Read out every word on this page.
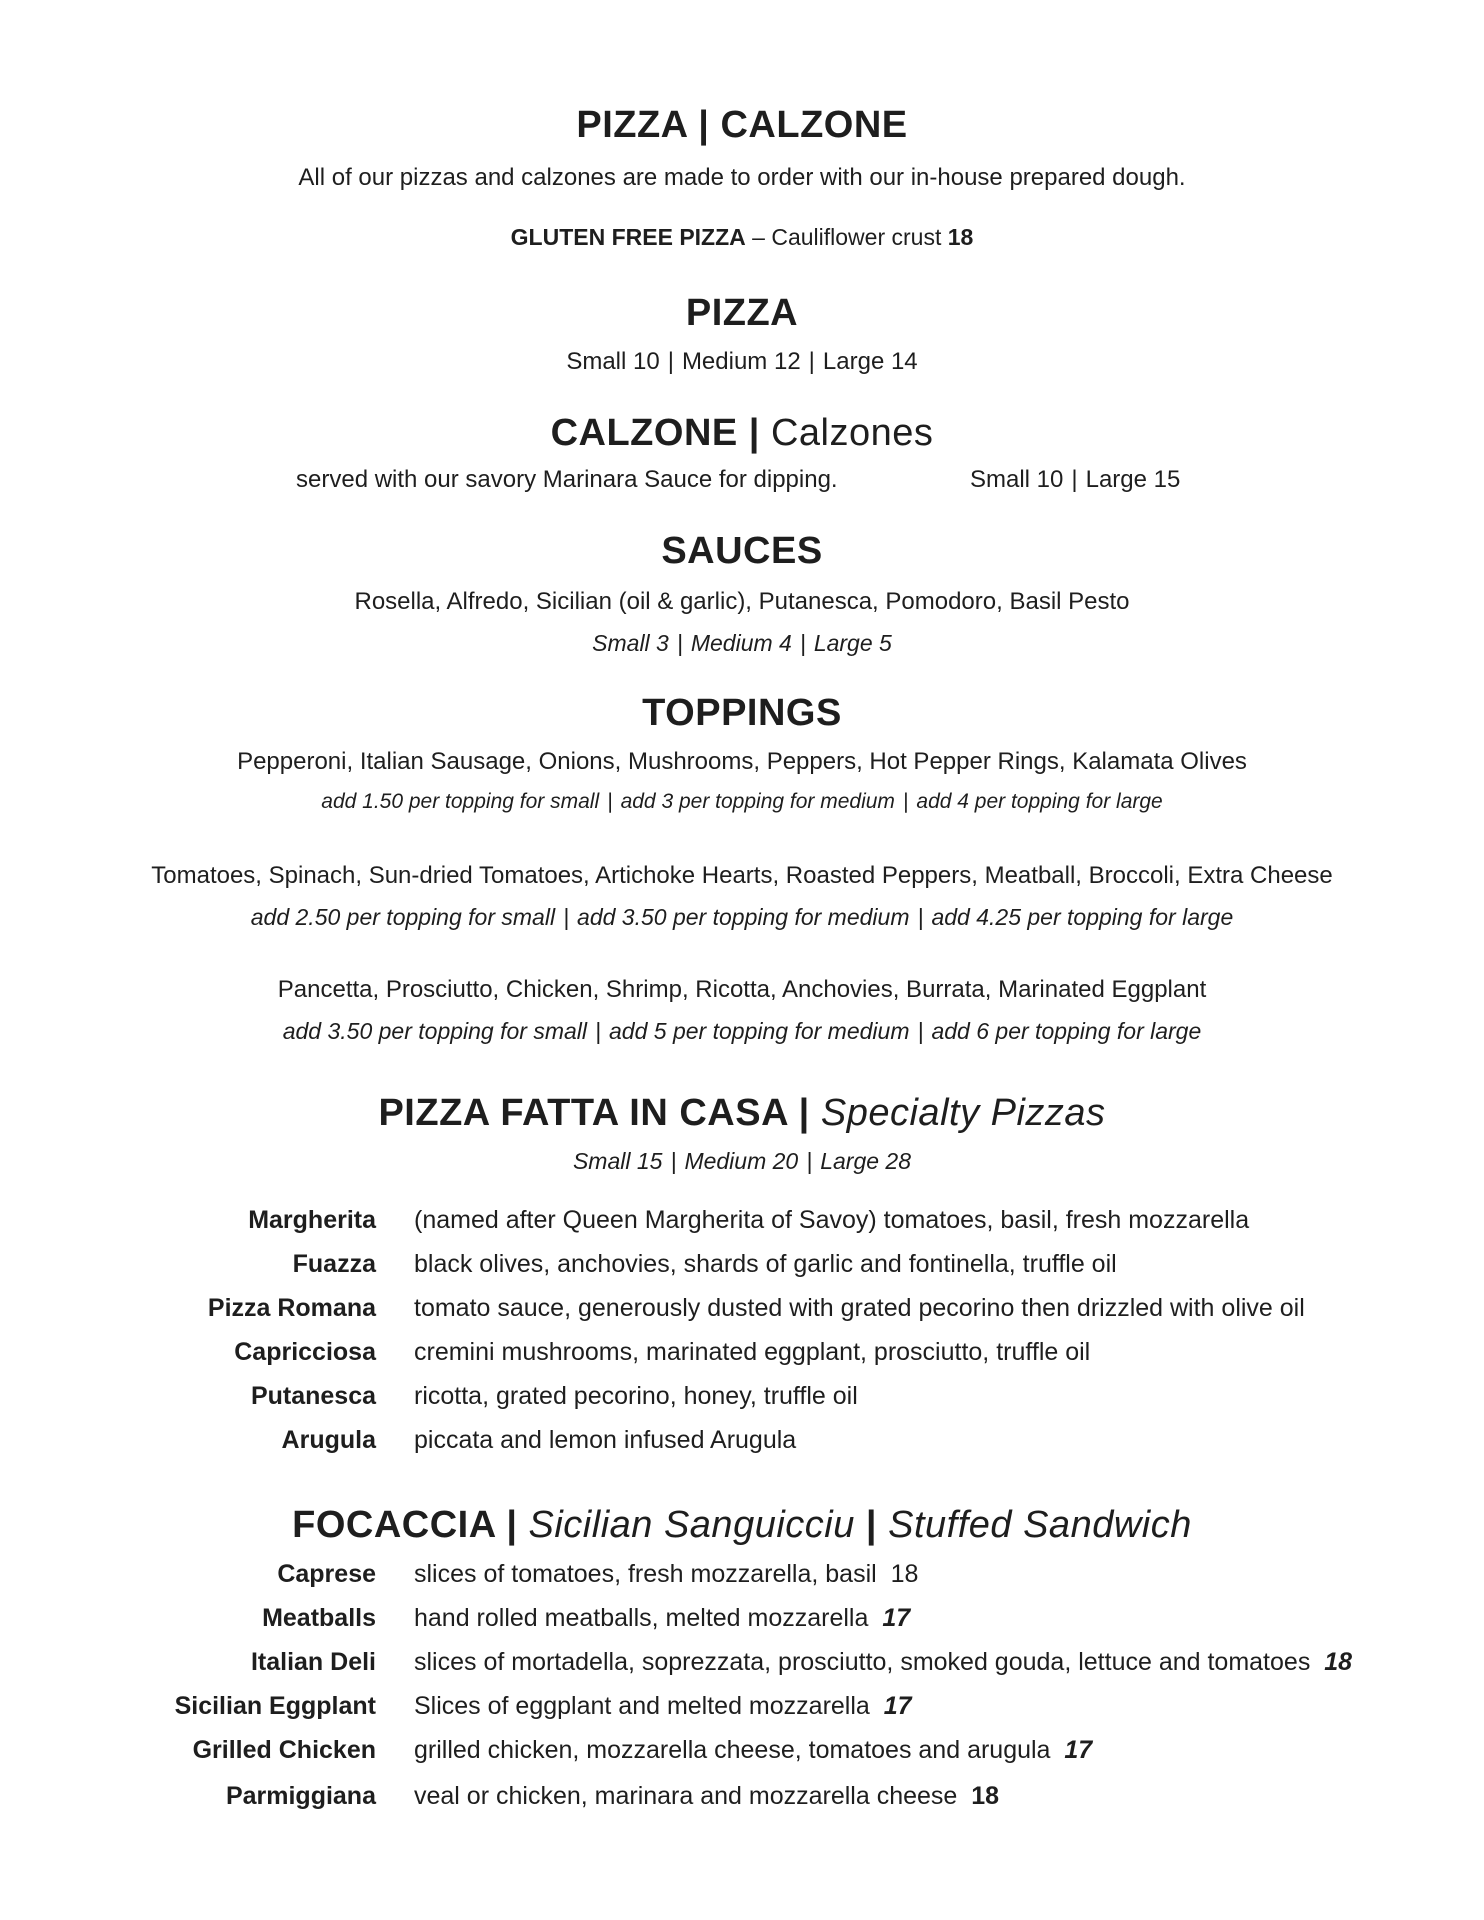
PIZZA | CALZONE
All of our pizzas and calzones are made to order with our in-house prepared dough.
GLUTEN FREE PIZZA – Cauliflower crust 18
PIZZA
Small 10 | Medium 12 | Large 14
CALZONE | Calzones
served with our savory Marinara Sauce for dipping.	Small 10 | Large 15
SAUCES
Rosella, Alfredo, Sicilian (oil & garlic), Putanesca, Pomodoro, Basil Pesto
Small 3 | Medium 4 | Large 5
TOPPINGS
Pepperoni, Italian Sausage, Onions, Mushrooms, Peppers, Hot Pepper Rings, Kalamata Olives
add 1.50 per topping for small | add 3 per topping for medium | add 4 per topping for large
Tomatoes, Spinach, Sun-dried Tomatoes, Artichoke Hearts, Roasted Peppers, Meatball, Broccoli, Extra Cheese
add 2.50 per topping for small | add 3.50 per topping for medium | add 4.25 per topping for large
Pancetta, Prosciutto, Chicken, Shrimp, Ricotta, Anchovies, Burrata, Marinated Eggplant
add 3.50 per topping for small | add 5 per topping for medium | add 6 per topping for large
PIZZA FATTA IN CASA | Specialty Pizzas
Small 15 | Medium 20 | Large 28
Margherita (named after Queen Margherita of Savoy) tomatoes, basil, fresh mozzarella
Fuazza black olives, anchovies, shards of garlic and fontinella, truffle oil
Pizza Romana tomato sauce, generously dusted with grated pecorino then drizzled with olive oil
Capricciosa cremini mushrooms, marinated eggplant, prosciutto, truffle oil
Putanesca ricotta, grated pecorino, honey, truffle oil
Arugula piccata and lemon infused Arugula
FOCACCIA | Sicilian Sanguicciu | Stuffed Sandwich
Caprese slices of tomatoes, fresh mozzarella, basil 18
Meatballs hand rolled meatballs, melted mozzarella 17
Italian Deli slices of mortadella, soprezzata, prosciutto, smoked gouda, lettuce and tomatoes 18
Sicilian Eggplant Slices of eggplant and melted mozzarella 17
Grilled Chicken grilled chicken, mozzarella cheese, tomatoes and arugula 17
Parmiggiana veal or chicken, marinara and mozzarella cheese 18
